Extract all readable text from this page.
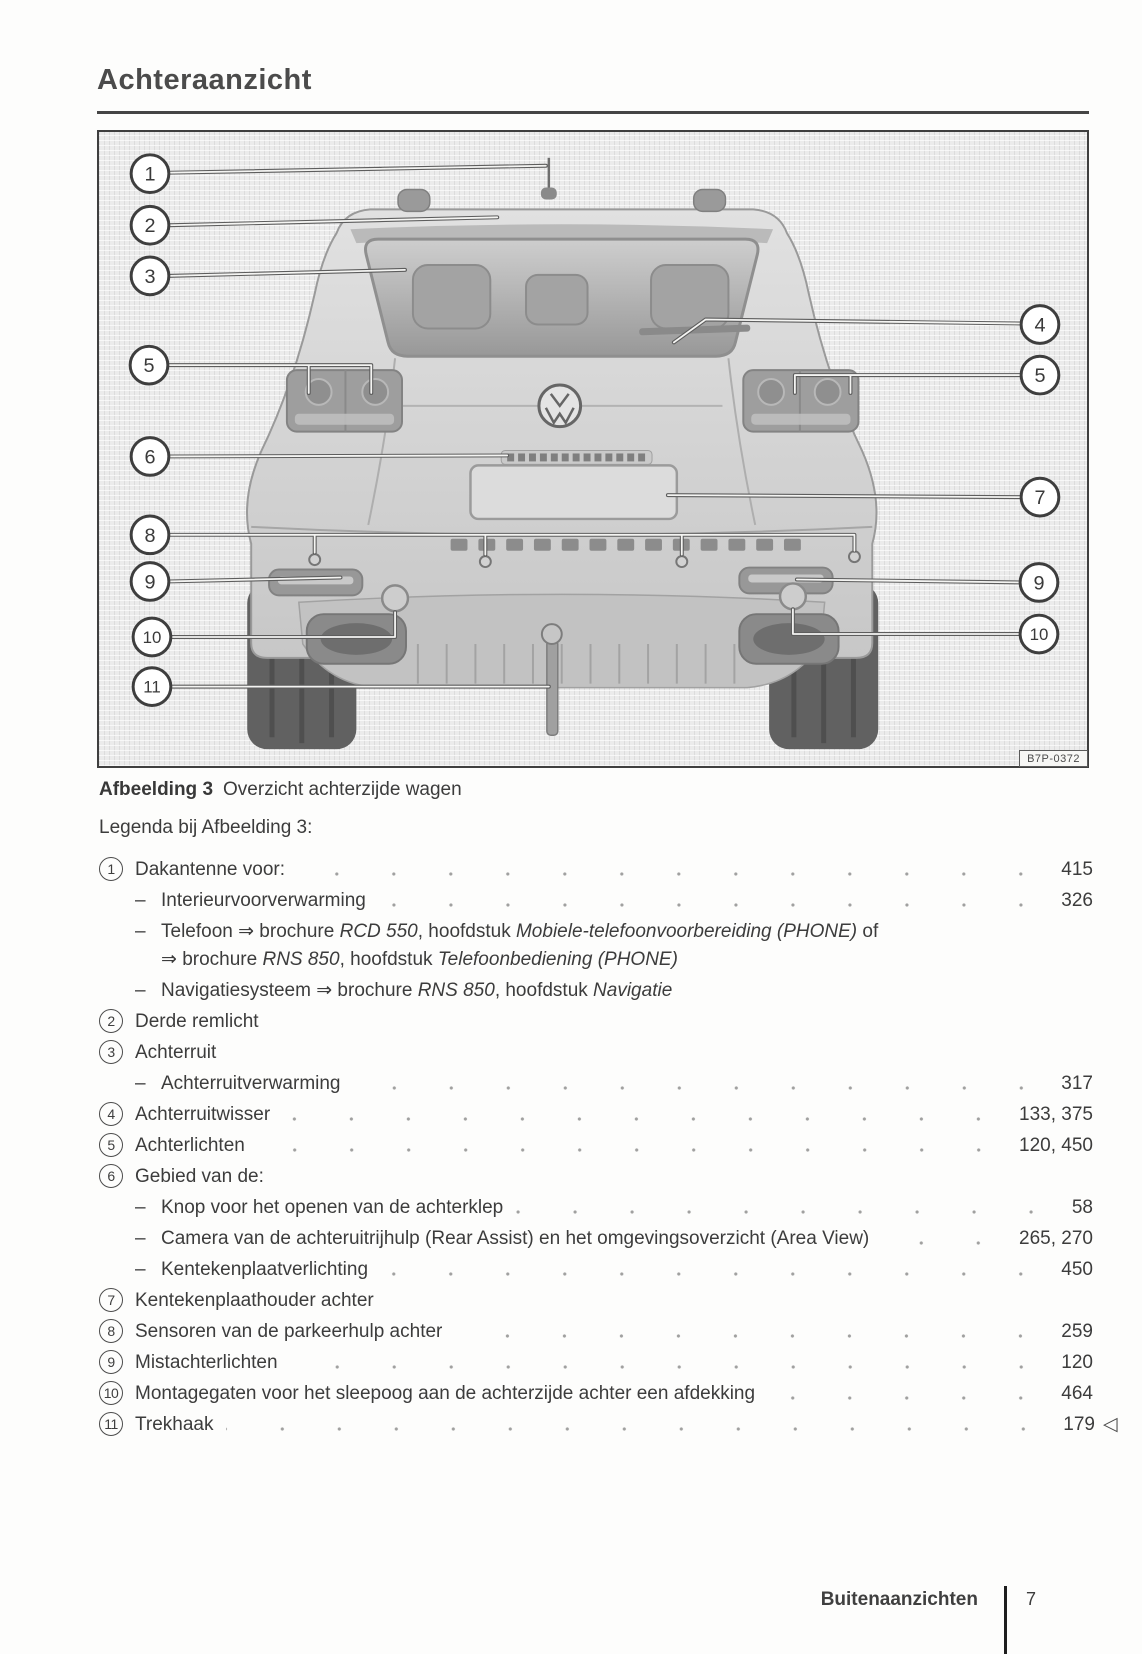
Achteraanzicht
1
2
3
5
6
8
9
10
11
4
5
7
9
10
B7P-0372

Afbeelding 3 Overzicht achterzijde wagen

Legenda bij Afbeelding 3:

1	Dakantenne voor:	415
– Interieurvoorverwarming	326
– Telefoon ⇒ brochure RCD 550, hoofdstuk Mobiele-telefoonvoorbereiding (PHONE) of
⇒ brochure RNS 850, hoofdstuk Telefoonbediening (PHONE)
– Navigatiesysteem ⇒ brochure RNS 850, hoofdstuk Navigatie
2	Derde remlicht
3	Achterruit
– Achterruitverwarming	317
4	Achterruitwisser	133, 375
5	Achterlichten	120, 450
6	Gebied van de:
– Knop voor het openen van de achterklep	58
– Camera van de achteruitrijhulp (Rear Assist) en het omgevingsoverzicht (Area View)	265, 270
– Kentekenplaatverlichting	450
7	Kentekenplaathouder achter
8	Sensoren van de parkeerhulp achter	259
9	Mistachterlichten	120
10 Montagegaten voor het sleepoog aan de achterzijde achter een afdekking	464
11 Trekhaak	179 ◁
Buitenaanzichten	7
